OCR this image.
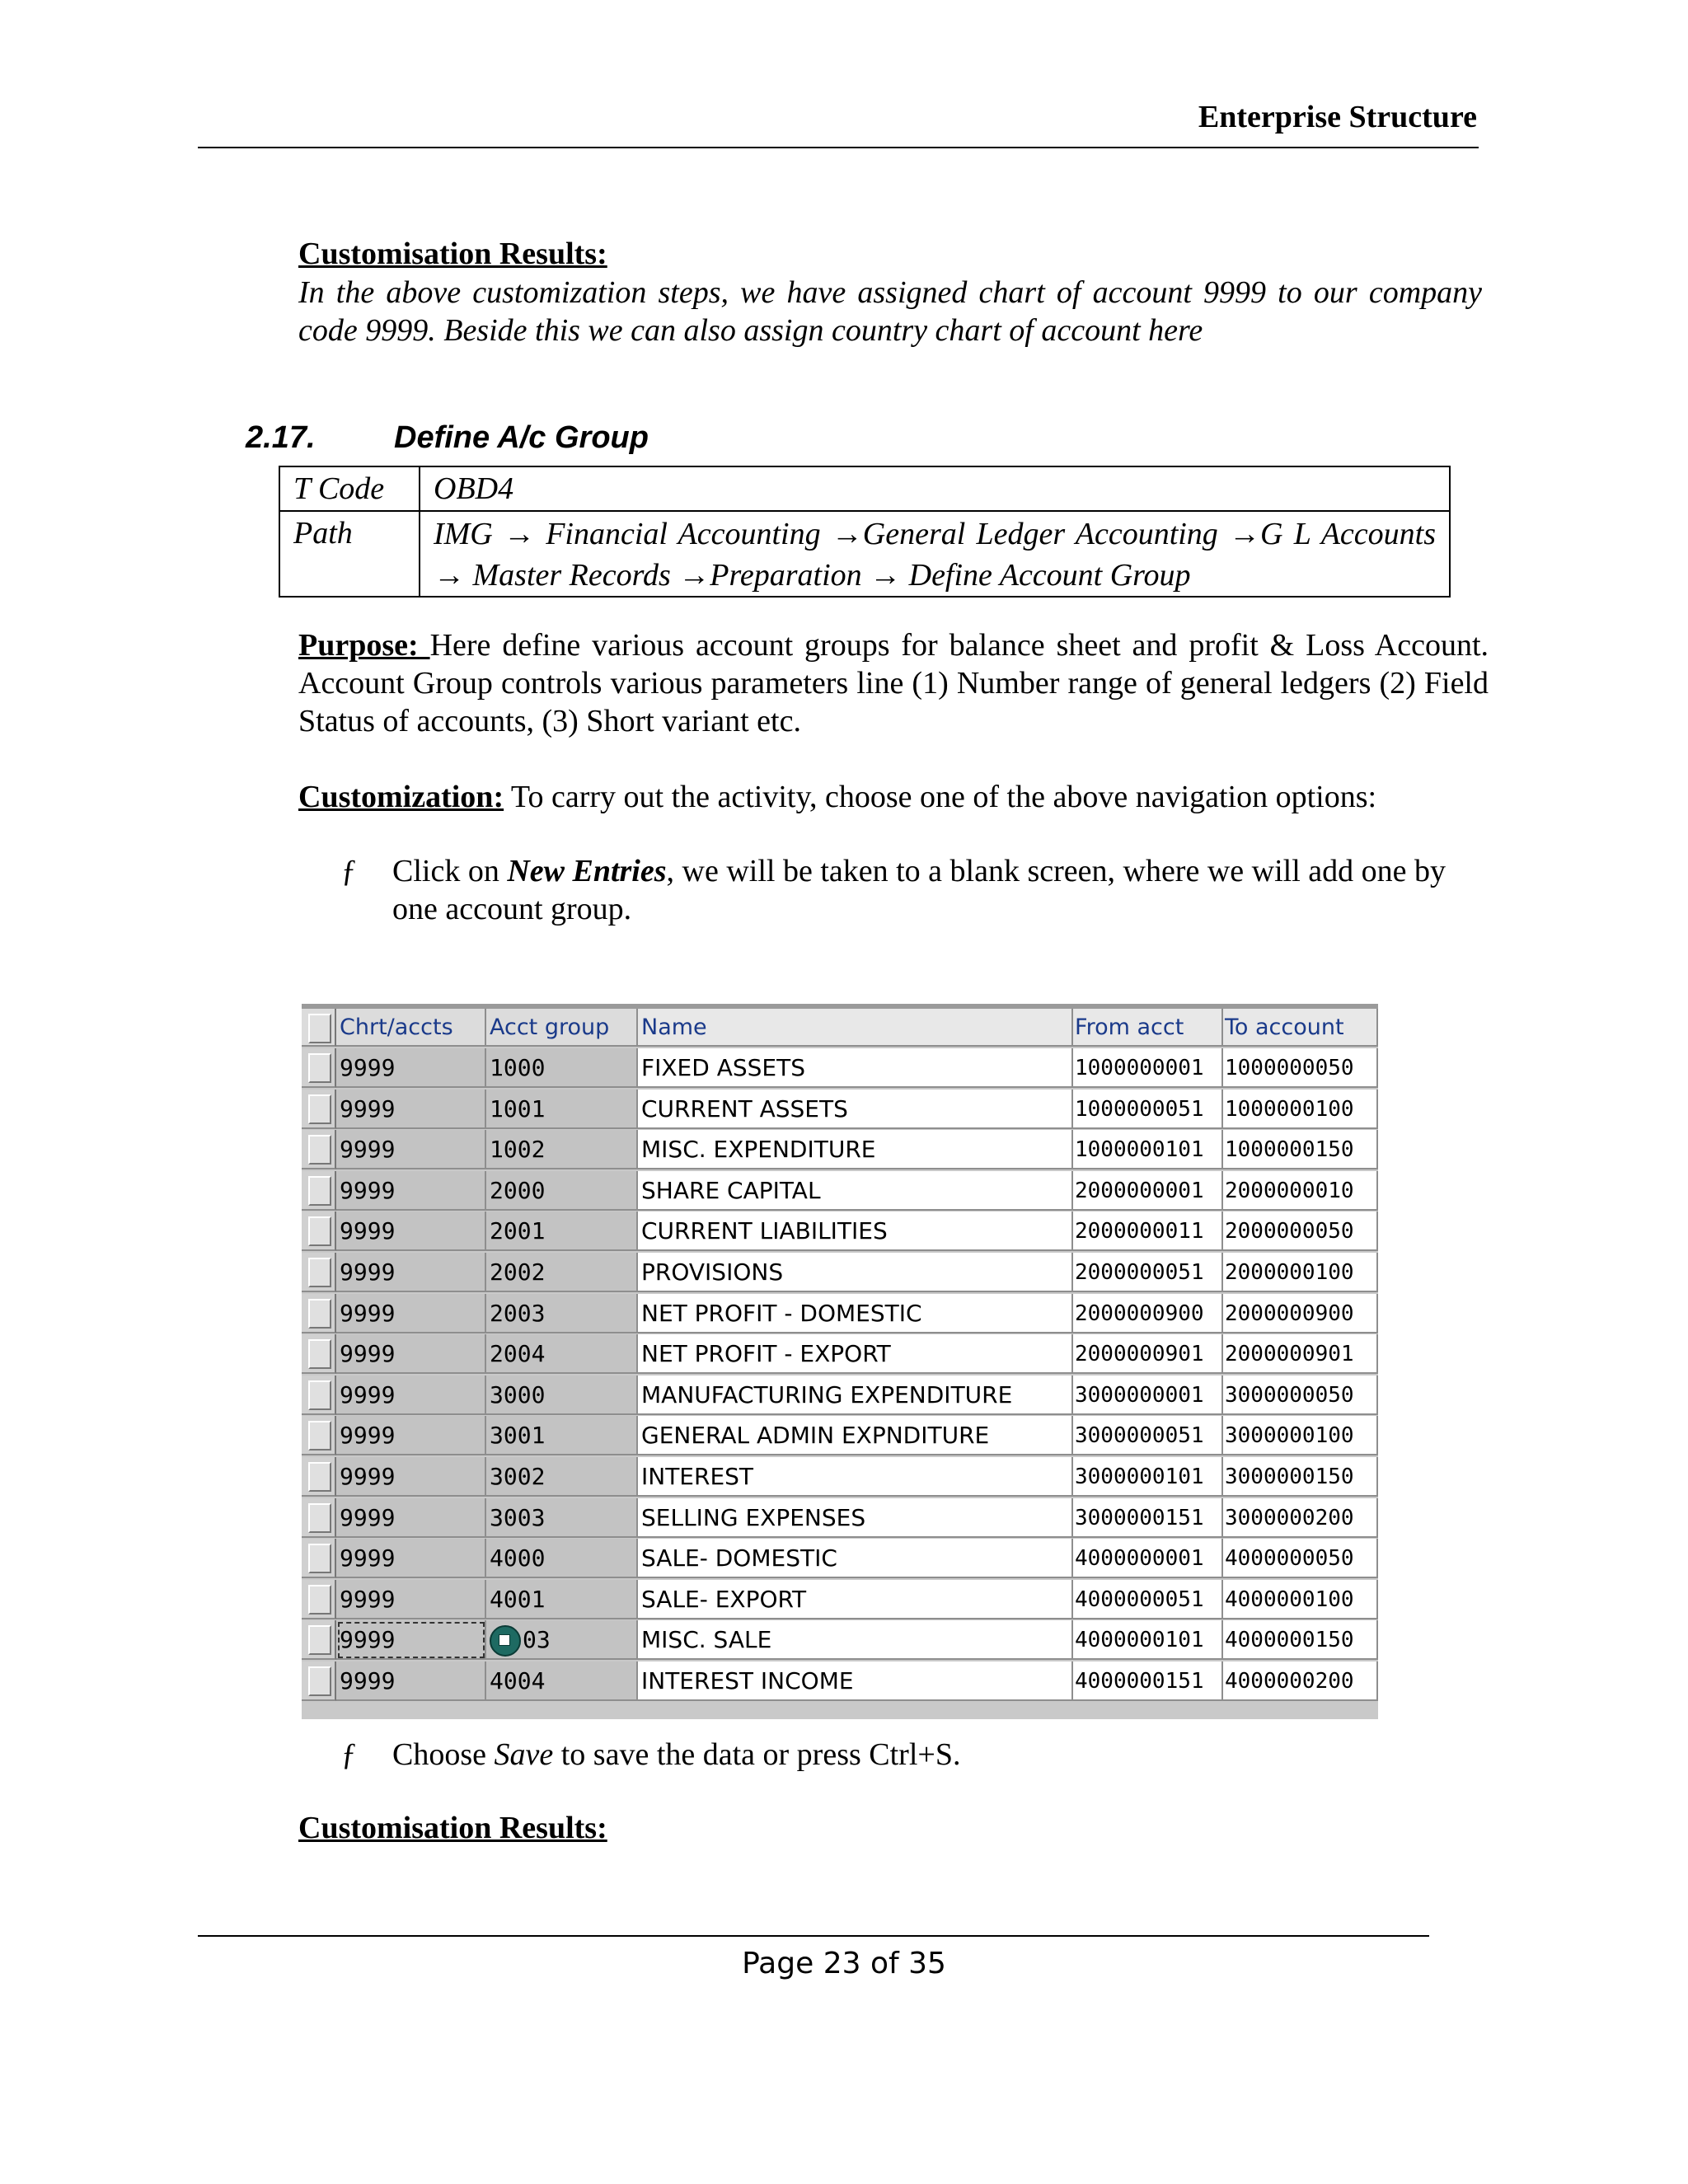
Enterprise Structure
Customisation Results:
In the above customization steps, we have assigned chart of account 9999 to our company code 9999. Beside this we can also assign country chart of account here
2.17.	Define A/c Group
T Code	OBD4
Path	IMG → Financial Accounting →General Ledger Accounting →G L Accounts → Master Records →Preparation → Define Account Group
Purpose: Here define various account groups for balance sheet and profit & Loss Account. Account Group controls various parameters line (1) Number range of general ledgers (2) Field Status of accounts, (3) Short variant etc.
Customization: To carry out the activity, choose one of the above navigation options:
ƒ Click on New Entries, we will be taken to a blank screen, where we will add one by one account group.
Chrt/accts	Acct group	Name	From acct	To account
9999	1000	FIXED ASSETS	1000000001 1000000050
9999	1001	CURRENT ASSETS	1000000051 1000000100
9999	1002	MISC. EXPENDITURE	1000000101 1000000150
9999	2000	SHARE CAPITAL	2000000001 2000000010
9999	2001	CURRENT LIABILITIES	2000000011 2000000050
9999	2002	PROVISIONS	2000000051 2000000100
9999	2003	NET PROFIT - DOMESTIC	2000000900 2000000900
9999	2004	NET PROFIT - EXPORT	2000000901 2000000901
9999	3000	MANUFACTURING EXPENDITURE	3000000001 3000000050
9999	3001	GENERAL ADMIN EXPNDITURE	3000000051 3000000100
9999	3002	INTEREST	3000000101 3000000150
9999	3003	SELLING EXPENSES	3000000151 3000000200
9999	4000	SALE- DOMESTIC	4000000001 4000000050
9999	4001	SALE- EXPORT	4000000051 4000000100
9999	03	MISC. SALE	4000000101 4000000150
9999	4004	INTEREST INCOME	4000000151 4000000200
ƒ Choose Save to save the data or press Ctrl+S.
Customisation Results:
Page 23 of 35
